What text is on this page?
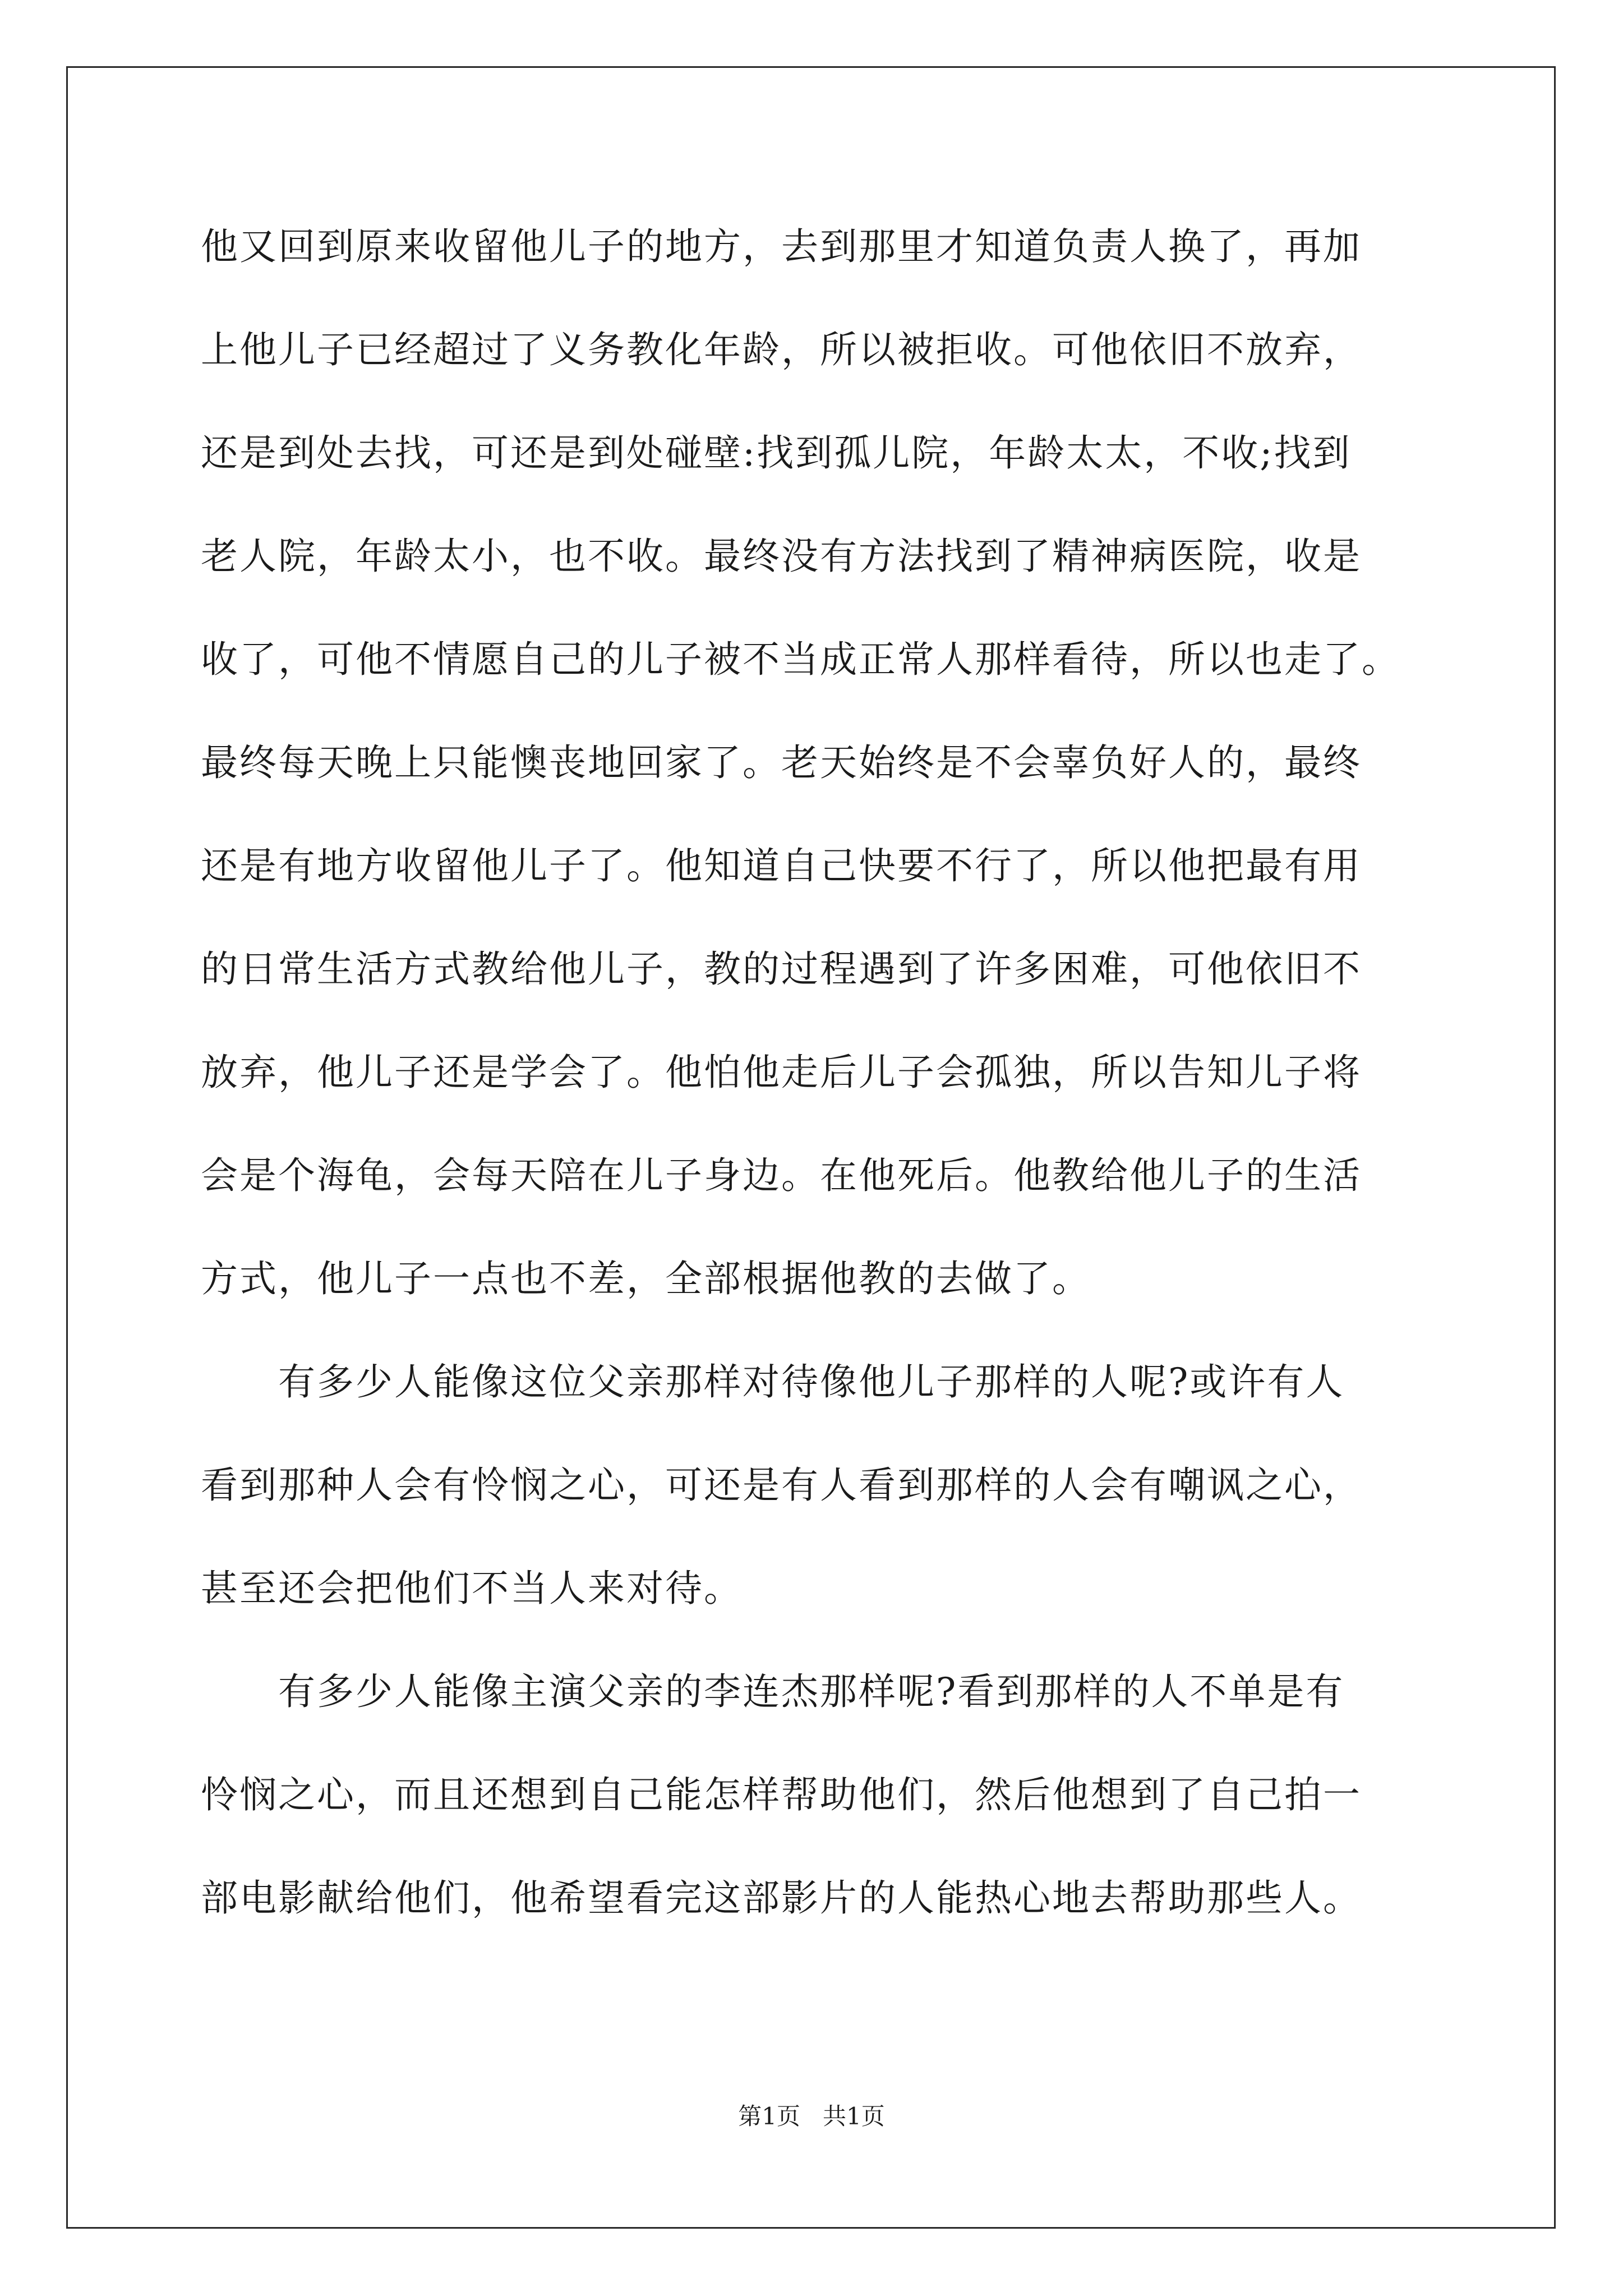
他又回到原来收留他儿子的地方，去到那里才知道负责人换了，再加
上他儿子已经超过了义务教化年龄，所以被拒收。可他依旧不放弃，
还是到处去找，可还是到处碰壁:找到孤儿院，年龄太太，不收;找到
老人院，年龄太小，也不收。最终没有方法找到了精神病医院，收是
收了，可他不情愿自己的儿子被不当成正常人那样看待，所以也走了。
最终每天晚上只能懊丧地回家了。老天始终是不会辜负好人的，最终
还是有地方收留他儿子了。他知道自己快要不行了，所以他把最有用
的日常生活方式教给他儿子，教的过程遇到了许多困难，可他依旧不
放弃，他儿子还是学会了。他怕他走后儿子会孤独，所以告知儿子将
会是个海龟，会每天陪在儿子身边。在他死后。他教给他儿子的生活
方式，他儿子一点也不差，全部根据他教的去做了。
　　有多少人能像这位父亲那样对待像他儿子那样的人呢?或许有人
看到那种人会有怜悯之心，可还是有人看到那样的人会有嘲讽之心，
甚至还会把他们不当人来对待。
　　有多少人能像主演父亲的李连杰那样呢?看到那样的人不单是有
怜悯之心，而且还想到自己能怎样帮助他们，然后他想到了自己拍一
部电影献给他们，他希望看完这部影片的人能热心地去帮助那些人。
第1页 共1页
